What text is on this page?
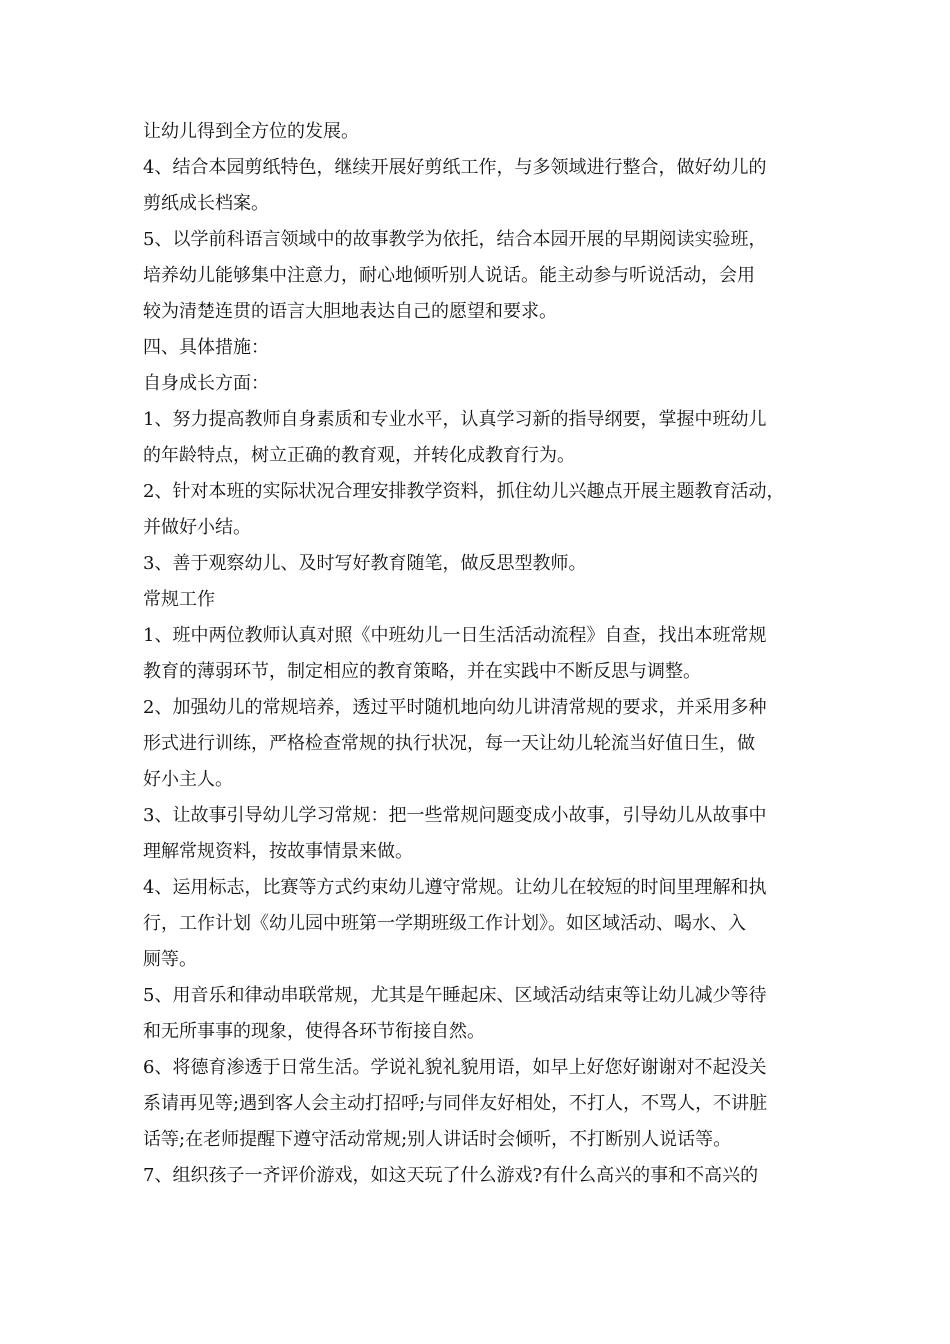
让幼儿得到全方位的发展。
4、结合本园剪纸特色，继续开展好剪纸工作，与多领域进行整合，做好幼儿的
剪纸成长档案。
5、以学前科语言领域中的故事教学为依托，结合本园开展的早期阅读实验班，
培养幼儿能够集中注意力，耐心地倾听别人说话。能主动参与听说活动，会用
较为清楚连贯的语言大胆地表达自己的愿望和要求。
四、具体措施：
自身成长方面：
1、努力提高教师自身素质和专业水平，认真学习新的指导纲要，掌握中班幼儿
的年龄特点，树立正确的教育观，并转化成教育行为。
2、针对本班的实际状况合理安排教学资料，抓住幼儿兴趣点开展主题教育活动，
并做好小结。
3、善于观察幼儿、及时写好教育随笔，做反思型教师。
常规工作
1、班中两位教师认真对照《中班幼儿一日生活活动流程》自查，找出本班常规
教育的薄弱环节，制定相应的教育策略，并在实践中不断反思与调整。
2、加强幼儿的常规培养，透过平时随机地向幼儿讲清常规的要求，并采用多种
形式进行训练，严格检查常规的执行状况，每一天让幼儿轮流当好值日生，做
好小主人。
3、让故事引导幼儿学习常规：把一些常规问题变成小故事，引导幼儿从故事中
理解常规资料，按故事情景来做。
4、运用标志，比赛等方式约束幼儿遵守常规。让幼儿在较短的时间里理解和执
行，工作计划《幼儿园中班第一学期班级工作计划》。如区域活动、喝水、入
厕等。
5、用音乐和律动串联常规，尤其是午睡起床、区域活动结束等让幼儿减少等待
和无所事事的现象，使得各环节衔接自然。
6、将德育渗透于日常生活。学说礼貌礼貌用语，如早上好您好谢谢对不起没关
系请再见等;遇到客人会主动打招呼;与同伴友好相处，不打人，不骂人，不讲脏
话等;在老师提醒下遵守活动常规;别人讲话时会倾听，不打断别人说话等。
7、组织孩子一齐评价游戏，如这天玩了什么游戏?有什么高兴的事和不高兴的
